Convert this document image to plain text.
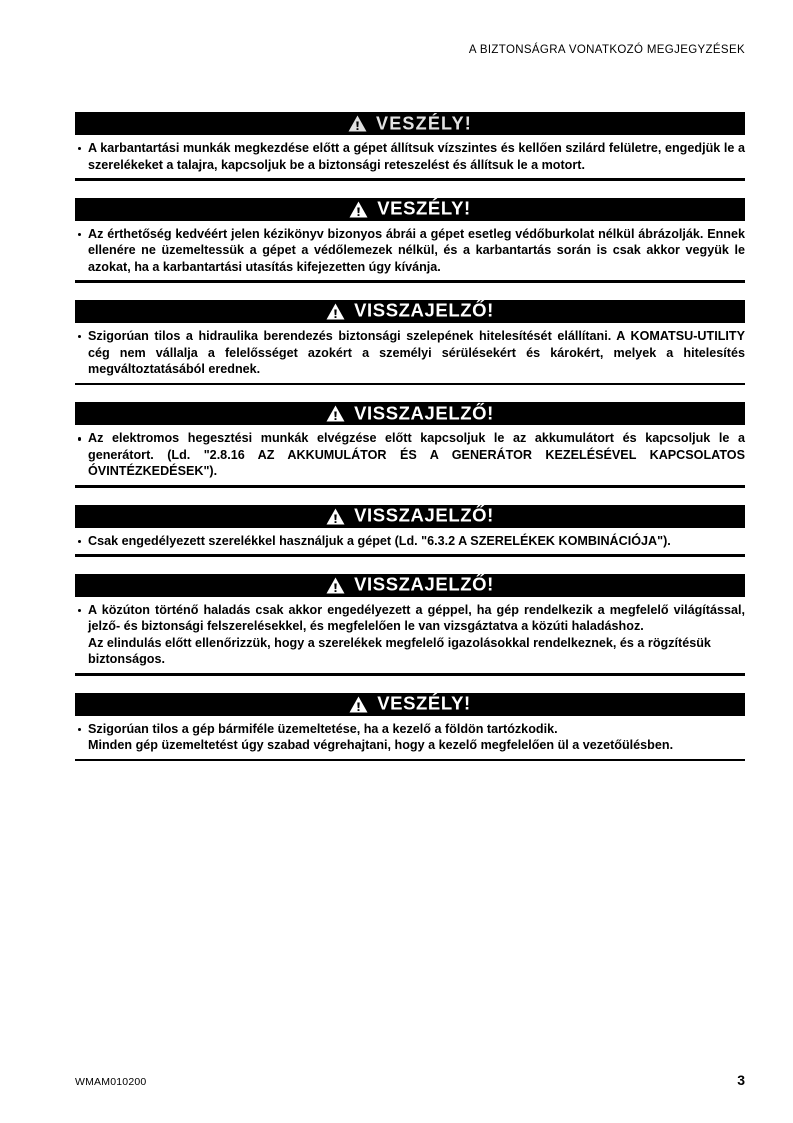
A BIZTONSÁGRA VONATKOZÓ MEGJEGYZÉSEK
VESZÉLY!

A karbantartási munkák megkezdése előtt a gépet állítsuk vízszintes és kellően szilárd felületre, engedjük le a szerelékeket a talajra, kapcsoljuk be a biztonsági reteszelést és állítsuk le a motort.

VESZÉLY!

Az érthetőség kedvéért jelen kézikönyv bizonyos ábrái a gépet esetleg védőburkolat nélkül ábrázolják. Ennek ellenére ne üzemeltessük a gépet a védőlemezek nélkül, és a karbantartás során is csak akkor vegyük le azokat, ha a karbantartási utasítás kifejezetten úgy kívánja.

VISSZAJELZŐ!

Szigorúan tilos a hidraulika berendezés biztonsági szelepének hitelesítését elállítani. A KOMATSU-UTILITY cég nem vállalja a felelősséget azokért a személyi sérülésekért és károkért, melyek a hitelesítés megváltoztatásából erednek.

VISSZAJELZŐ!

Az elektromos hegesztési munkák elvégzése előtt kapcsoljuk le az akkumulátort és kapcsoljuk le a generátort. (Ld. "2.8.16 AZ AKKUMULÁTOR ÉS A GENERÁTOR KEZELÉSÉVEL KAPCSOLATOS ÓVINTÉZKEDÉSEK").

VISSZAJELZŐ!

Csak engedélyezett szerelékkel használjuk a gépet (Ld. "6.3.2 A SZERELÉKEK KOMBINÁCIÓJA").

VISSZAJELZŐ!

A közúton történő haladás csak akkor engedélyezett a géppel, ha gép rendelkezik a megfelelő világítással, jelző- és biztonsági felszerelésekkel, és megfelelően le van vizsgáztatva a közúti haladáshoz.

Az elindulás előtt ellenőrizzük, hogy a szerelékek megfelelő igazolásokkal rendelkeznek, és a rögzítésük biztonságos.

VESZÉLY!

Szigorúan tilos a gép bármiféle üzemeltetése, ha a kezelő a földön tartózkodik.

Minden gép üzemeltetést úgy szabad végrehajtani, hogy a kezelő megfelelően ül a vezetőülésben.

WMAM010200	3
